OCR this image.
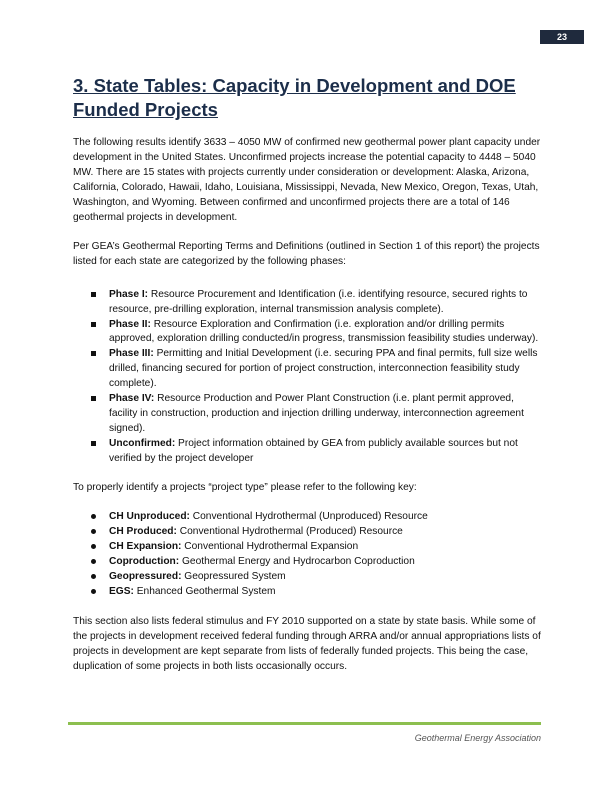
23
3. State Tables: Capacity in Development and DOE Funded Projects

The following results identify 3633 – 4050 MW of confirmed new geothermal power plant capacity under development in the United States. Unconfirmed projects increase the potential capacity to 4448 – 5040 MW. There are 15 states with projects currently under consideration or development: Alaska, Arizona, California, Colorado, Hawaii, Idaho, Louisiana, Mississippi, Nevada, New Mexico, Oregon, Texas, Utah, Washington, and Wyoming. Between confirmed and unconfirmed projects there are a total of 146 geothermal projects in development.

Per GEA’s Geothermal Reporting Terms and Definitions (outlined in Section 1 of this report) the projects listed for each state are categorized by the following phases:

Phase I: Resource Procurement and Identification (i.e. identifying resource, secured rights to resource, pre-drilling exploration, internal transmission analysis complete).
Phase II: Resource Exploration and Confirmation (i.e. exploration and/or drilling permits approved, exploration drilling conducted/in progress, transmission feasibility studies underway).
Phase III: Permitting and Initial Development (i.e. securing PPA and final permits, full size wells drilled, financing secured for portion of project construction, interconnection feasibility study complete).
Phase IV: Resource Production and Power Plant Construction (i.e. plant permit approved, facility in construction, production and injection drilling underway, interconnection agreement signed).
Unconfirmed: Project information obtained by GEA from publicly available sources but not verified by the project developer

To properly identify a projects “project type” please refer to the following key:

CH Unproduced: Conventional Hydrothermal (Unproduced) Resource
CH Produced: Conventional Hydrothermal (Produced) Resource
CH Expansion: Conventional Hydrothermal Expansion
Coproduction: Geothermal Energy and Hydrocarbon Coproduction
Geopressured: Geopressured System
EGS: Enhanced Geothermal System

This section also lists federal stimulus and FY 2010 supported on a state by state basis. While some of the projects in development received federal funding through ARRA and/or annual appropriations lists of projects in development are kept separate from lists of federally funded projects. This being the case, duplication of some projects in both lists occasionally occurs.

Geothermal Energy Association
